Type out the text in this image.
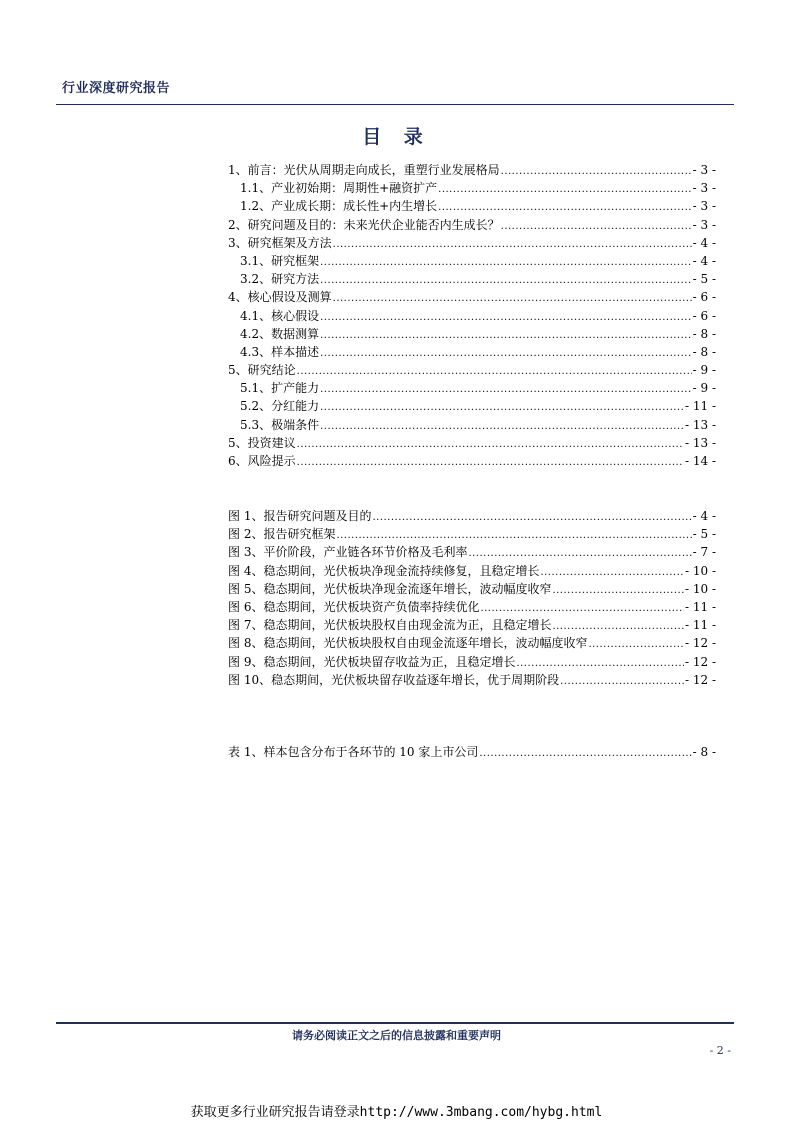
行业深度研究报告
目 录
1、前言：光伏从周期走向成长，重塑行业发展格局 .....	- 3 -
1.1、产业初始期：周期性+融资扩产 .....	- 3 -
1.2、产业成长期：成长性+内生增长 .....	- 3 -
2、研究问题及目的：未来光伏企业能否内生成长？ .....	- 3 -
3、研究框架及方法 .....	- 4 -
3.1、研究框架 .....	- 4 -
3.2、研究方法 .....	- 5 -
4、核心假设及测算 .....	- 6 -
4.1、核心假设 .....	- 6 -
4.2、数据测算 .....	- 8 -
4.3、样本描述 .....	- 8 -
5、研究结论 .....	- 9 -
5.1、扩产能力 .....	- 9 -
5.2、分红能力 .....	- 11 -
5.3、极端条件 .....	- 13 -
5、投资建议 .....	- 13 -
6、风险提示 .....	- 14 -
图 1、报告研究问题及目的 .....	- 4 -
图 2、报告研究框架 .....	- 5 -
图 3、平价阶段，产业链各环节价格及毛利率 .....	- 7 -
图 4、稳态期间，光伏板块净现金流持续修复，且稳定增长 .....	- 10 -
图 5、稳态期间，光伏板块净现金流逐年增长，波动幅度收窄 .....	- 10 -
图 6、稳态期间，光伏板块资产负债率持续优化 .....	- 11 -
图 7、稳态期间，光伏板块股权自由现金流为正，且稳定增长 .....	- 11 -
图 8、稳态期间，光伏板块股权自由现金流逐年增长，波动幅度收窄 .....	- 12 -
图 9、稳态期间，光伏板块留存收益为正，且稳定增长 .....	- 12 -
图 10、稳态期间，光伏板块留存收益逐年增长，优于周期阶段 .....	- 12 -
表 1、样本包含分布于各环节的 10 家上市公司 .....	- 8 -
请务必阅读正文之后的信息披露和重要声明
- 2 -
获取更多行业研究报告请登录http://www.3mbang.com/hybg.html
